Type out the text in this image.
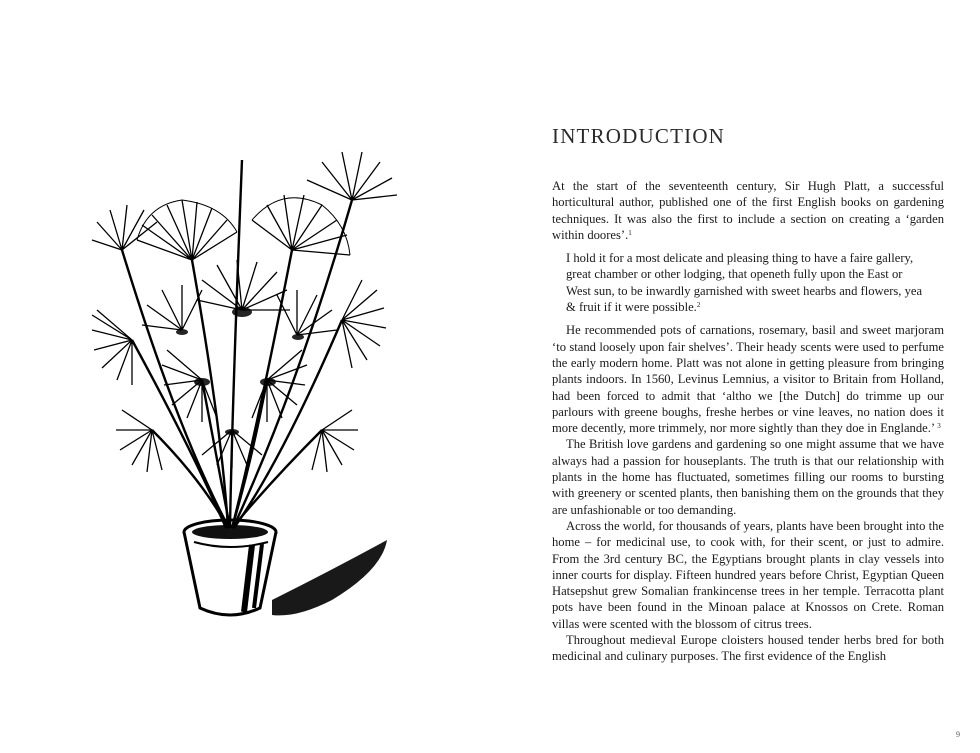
INTRODUCTION

At the start of the seventeenth century, Sir Hugh Platt, a successful horticultural author, published one of the first English books on gardening techniques. It was also the first to include a section on creating a ‘garden within doores’.$^1$

I hold it for a most delicate and pleasing thing to have a faire gallery, great chamber or other lodging, that openeth fully upon the East or West sun, to be inwardly garnished with sweet hearbs and flowers, yea & fruit if it were possible.$^2$

He recommended pots of carnations, rosemary, basil and sweet marjoram ‘to stand loosely upon fair shelves’. Their heady scents were used to perfume the early modern home. Platt was not alone in getting pleasure from bringing plants indoors. In 1560, Levinus Lemnius, a visitor to Britain from Holland, had been forced to admit that ‘altho we [the Dutch] do trimme up our parlours with greene boughs, freshe herbes or vine leaves, no nation does it more decently, more trimmely, nor more sightly than they doe in Englande.’ $^3$

The British love gardens and gardening so one might assume that we have always had a passion for houseplants. The truth is that our relationship with plants in the home has fluctuated, sometimes filling our rooms to bursting with greenery or scented plants, then banishing them on the grounds that they are unfashionable or too demanding.

Across the world, for thousands of years, plants have been brought into the home – for medicinal use, to cook with, for their scent, or just to admire. From the 3rd century BC, the Egyptians brought plants in clay vessels into inner courts for display. Fifteen hundred years before Christ, Egyptian Queen Hatsepshut grew Somalian frankincense trees in her temple. Terracotta plant pots have been found in the Minoan palace at Knossos on Crete. Roman villas were scented with the blossom of citrus trees.

Throughout medieval Europe cloisters housed tender herbs bred for both medicinal and culinary purposes. The first evidence of the English

9
